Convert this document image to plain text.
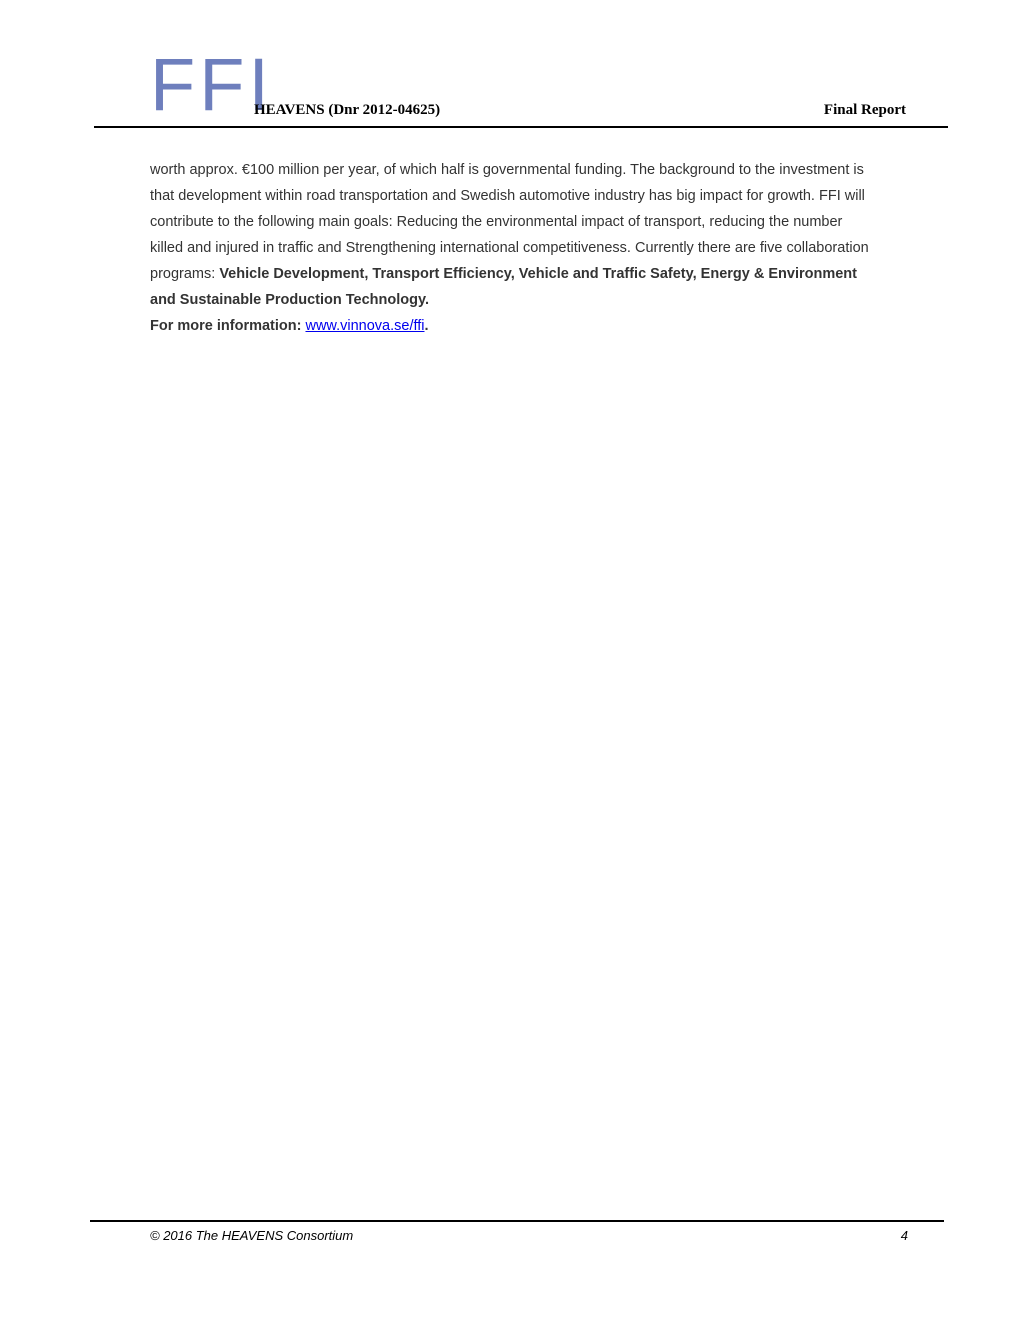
FFI
HEAVENS (Dnr 2012-04625)	Final Report

worth approx. €100 million per year, of which half is governmental funding. The background to the investment is that development within road transportation and Swedish automotive industry has big impact for growth. FFI will contribute to the following main goals: Reducing the environmental impact of transport, reducing the number killed and injured in traffic and Strengthening international competitiveness. Currently there are five collaboration programs: Vehicle Development, Transport Efficiency, Vehicle and Traffic Safety, Energy & Environment and Sustainable Production Technology.

For more information: www.vinnova.se/ffi.

© 2016 The HEAVENS Consortium	4
